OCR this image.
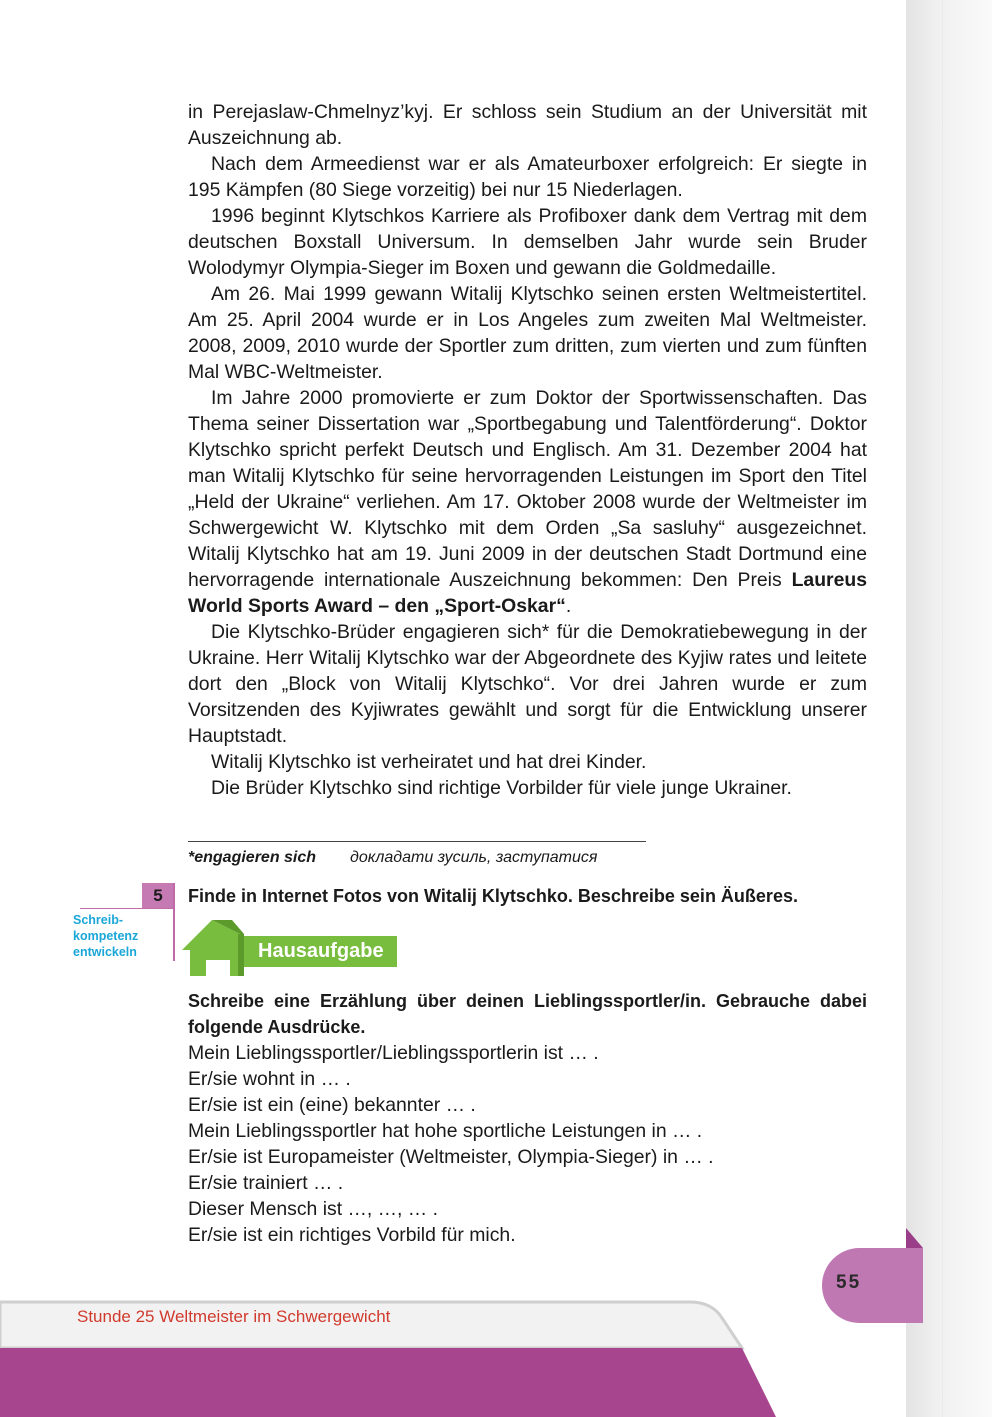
in Perejaslaw-Chmelnyz’kyj. Er schloss sein Studium an der Universität mit Auszeichnung ab.

Nach dem Armeedienst war er als Amateurboxer erfolgreich: Er siegte in 195 Kämpfen (80 Siege vorzeitig) bei nur 15 Niederlagen.

1996 beginnt Klytschkos Karriere als Profiboxer dank dem Vertrag mit dem deutschen Boxstall Universum. In demselben Jahr wurde sein Bruder Wolodymyr Olympia-Sieger im Boxen und gewann die Goldmedaille.

Am 26. Mai 1999 gewann Witalij Klytschko seinen ersten Weltmeistertitel. Am 25. April 2004 wurde er in Los Angeles zum zweiten Mal Weltmeister. 2008, 2009, 2010 wurde der Sportler zum dritten, zum vierten und zum fünften Mal WBC-Weltmeister.

Im Jahre 2000 promovierte er zum Doktor der Sportwissenschaften. Das Thema seiner Dissertation war „Sportbegabung und Talentförderung“. Doktor Klytschko spricht perfekt Deutsch und Englisch. Am 31. Dezember 2004 hat man Witalij Klytschko für seine hervorragenden Leistungen im Sport den Titel „Held der Ukraine“ verliehen. Am 17. Oktober 2008 wurde der Weltmeister im Schwergewicht W. Klytschko mit dem Orden „Sa sasluhy“ ausgezeichnet. Witalij Klytschko hat am 19. Juni 2009 in der deutschen Stadt Dortmund eine hervorragende internationale Auszeichnung bekommen: Den Preis Laureus World Sports Award – den „Sport-Oskar“.

Die Klytschko-Brüder engagieren sich* für die Demokratiebewegung in der Ukraine. Herr Witalij Klytschko war der Abgeordnete des Kyjiw rates und leitete dort den „Block von Witalij Klytschko“. Vor drei Jahren wurde er zum Vorsitzenden des Kyjiwrates gewählt und sorgt für die Entwicklung unserer Hauptstadt.

Witalij Klytschko ist verheiratet und hat drei Kinder.

Die Brüder Klytschko sind richtige Vorbilder für viele junge Ukrainer.

*engagieren sich докладати зусиль, заступатися
5
Schreib-
kompetenz
entwickeln
Finde in Internet Fotos von Witalij Klytschko. Beschreibe sein Äußeres.
Hausaufgabe
Schreibe eine Erzählung über deinen Lieblingssportler/in. Gebrauche dabei folgende Ausdrücke.

Mein Lieblingssportler/Lieblingssportlerin ist … .

Er/sie wohnt in … .

Er/sie ist ein (eine) bekannter … .

Mein Lieblingssportler hat hohe sportliche Leistungen in … .

Er/sie ist Europameister (Weltmeister, Olympia-Sieger) in … .

Er/sie trainiert … .

Dieser Mensch ist …, …, … .

Er/sie ist ein richtiges Vorbild für mich.

55
Stunde 25 Weltmeister im Schwergewicht
